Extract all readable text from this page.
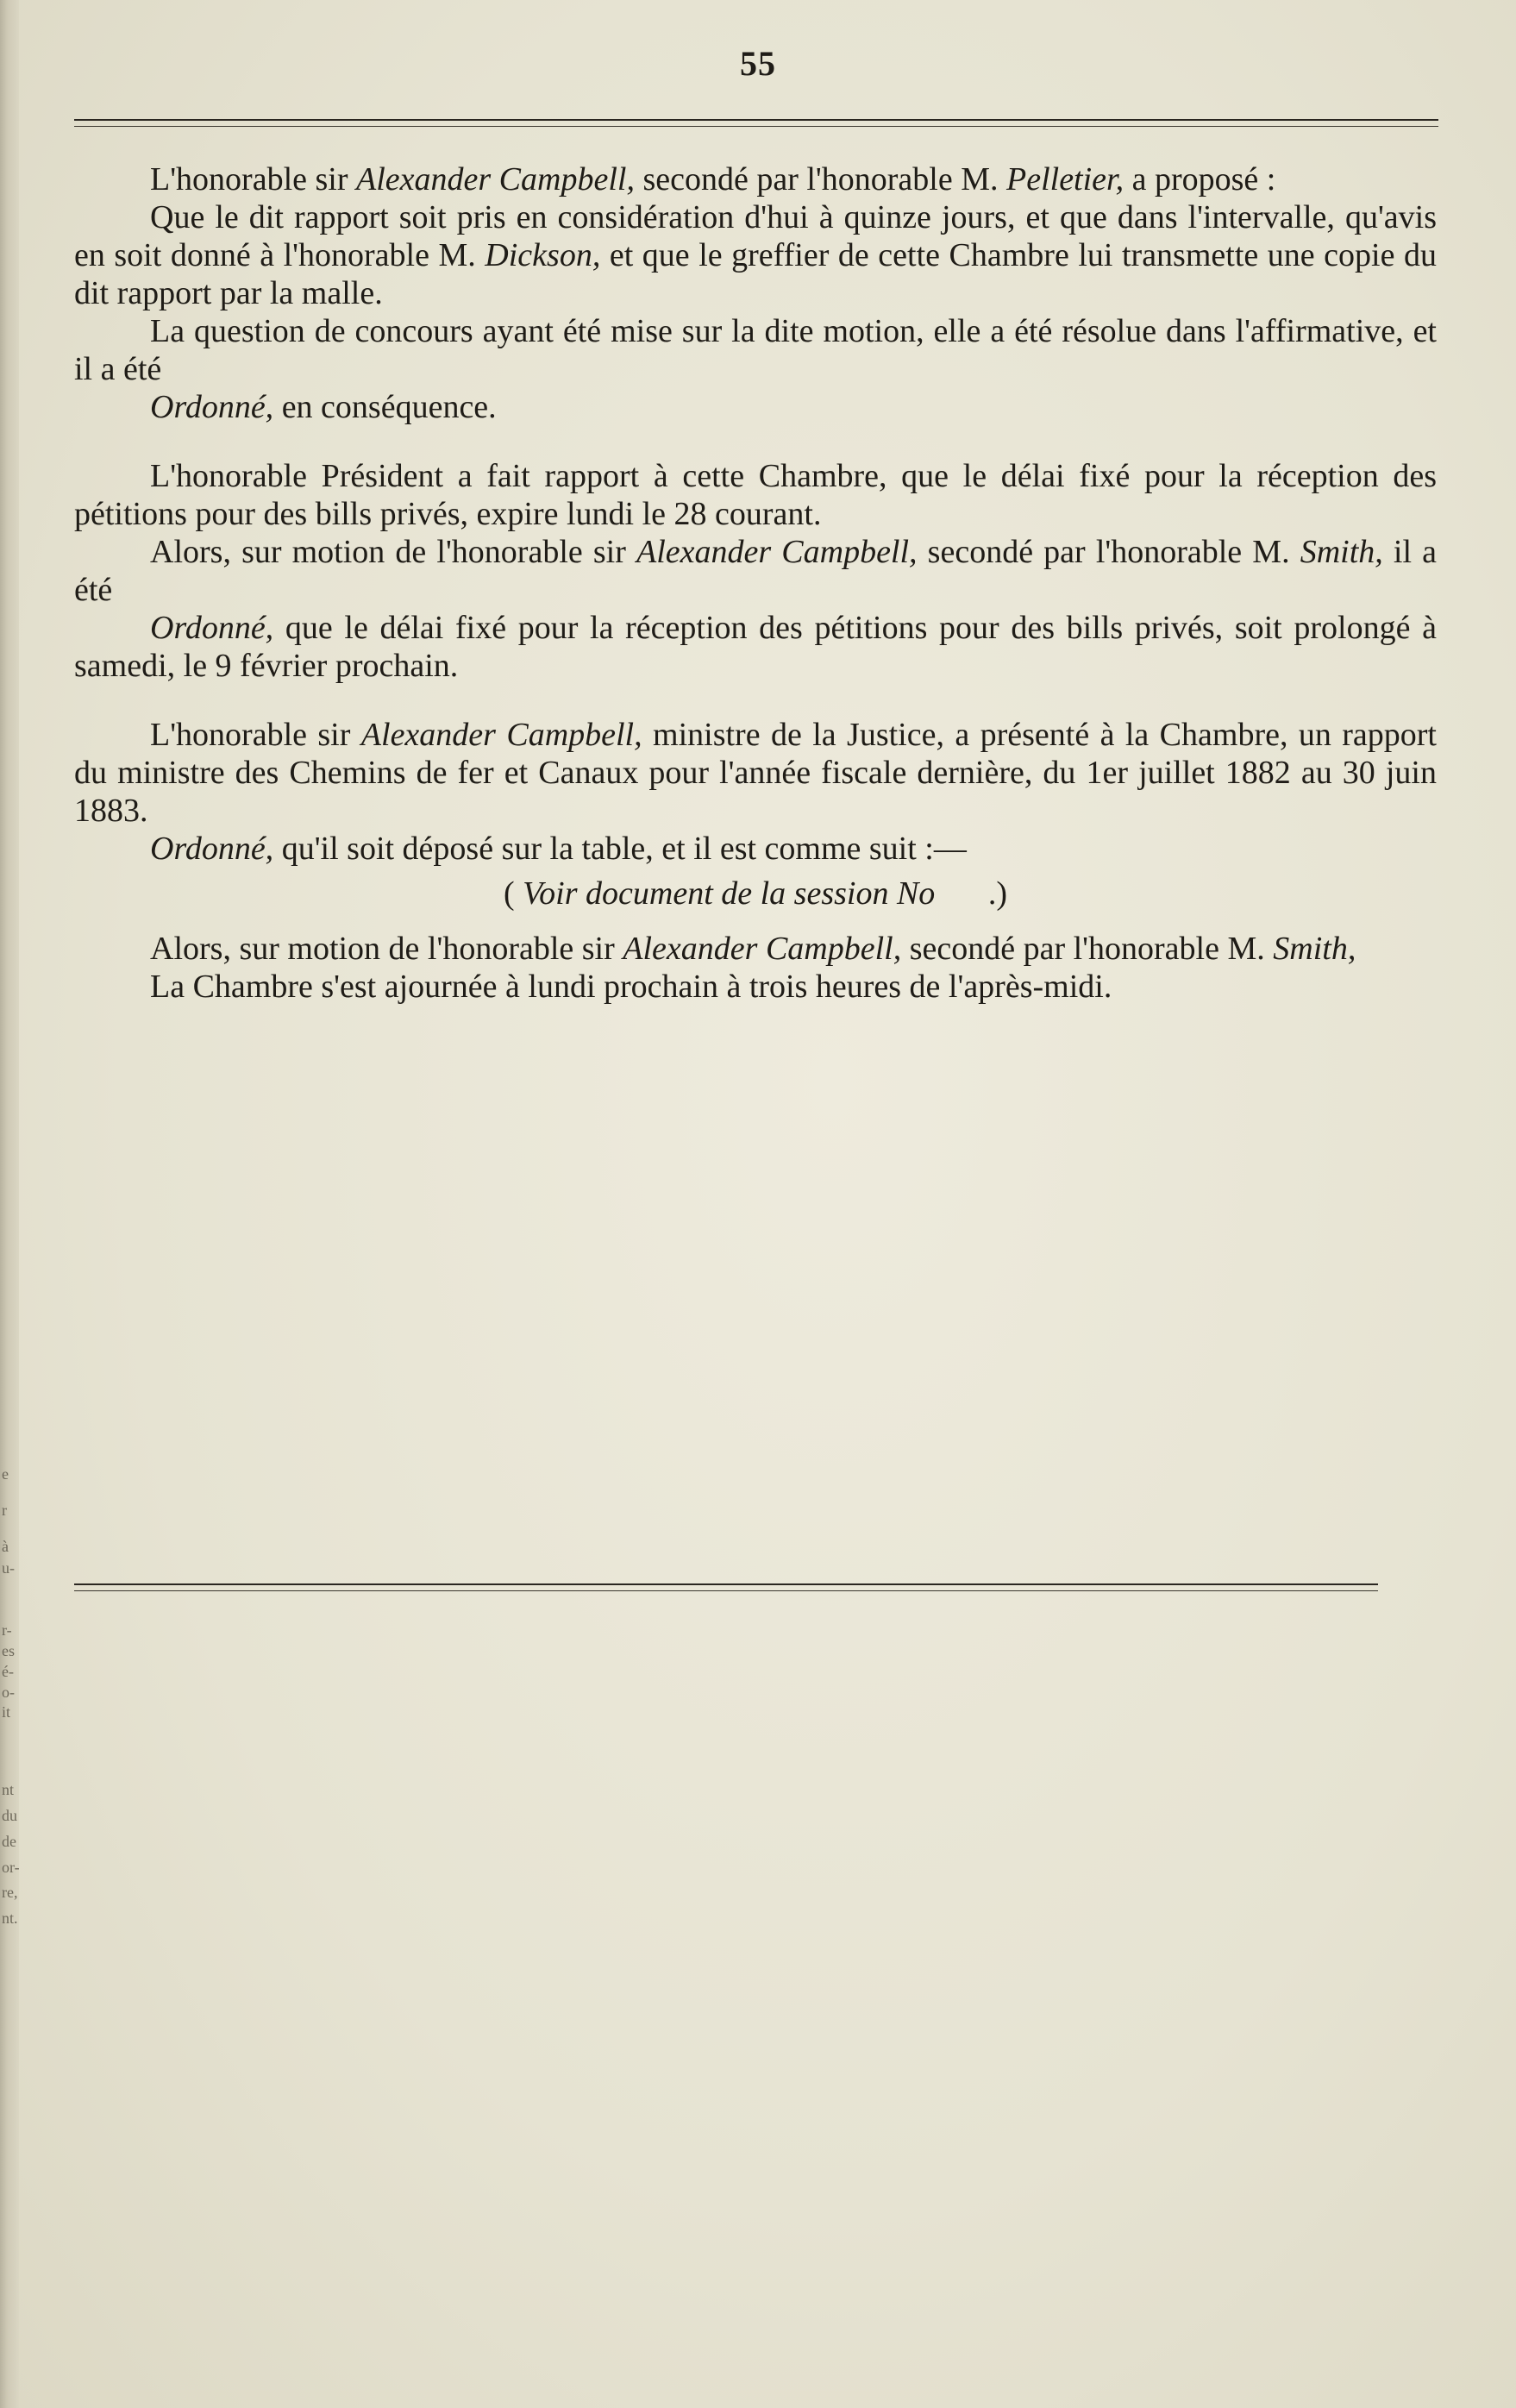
e
r
à
u-
r-
es
é-
o-
it
nt
du
de
or-
re,
nt.
55

L'honorable sir Alexander Campbell, secondé par l'honorable M. Pelletier, a proposé :

Que le dit rapport soit pris en considération d'hui à quinze jours, et que dans l'intervalle, qu'avis en soit donné à l'honorable M. Dickson, et que le greffier de cette Chambre lui transmette une copie du dit rapport par la malle.

La question de concours ayant été mise sur la dite motion, elle a été résolue dans l'affirmative, et il a été

Ordonné, en conséquence.

L'honorable Président a fait rapport à cette Chambre, que le délai fixé pour la réception des pétitions pour des bills privés, expire lundi le 28 courant.

Alors, sur motion de l'honorable sir Alexander Campbell, secondé par l'honorable M. Smith, il a été

Ordonné, que le délai fixé pour la réception des pétitions pour des bills privés, soit prolongé à samedi, le 9 février prochain.

L'honorable sir Alexander Campbell, ministre de la Justice, a présenté à la Chambre, un rapport du ministre des Chemins de fer et Canaux pour l'année fiscale dernière, du 1er juillet 1882 au 30 juin 1883.

Ordonné, qu'il soit déposé sur la table, et il est comme suit :—

( Voir document de la session No .)

Alors, sur motion de l'honorable sir Alexander Campbell, secondé par l'honorable M. Smith,

La Chambre s'est ajournée à lundi prochain à trois heures de l'après-midi.
